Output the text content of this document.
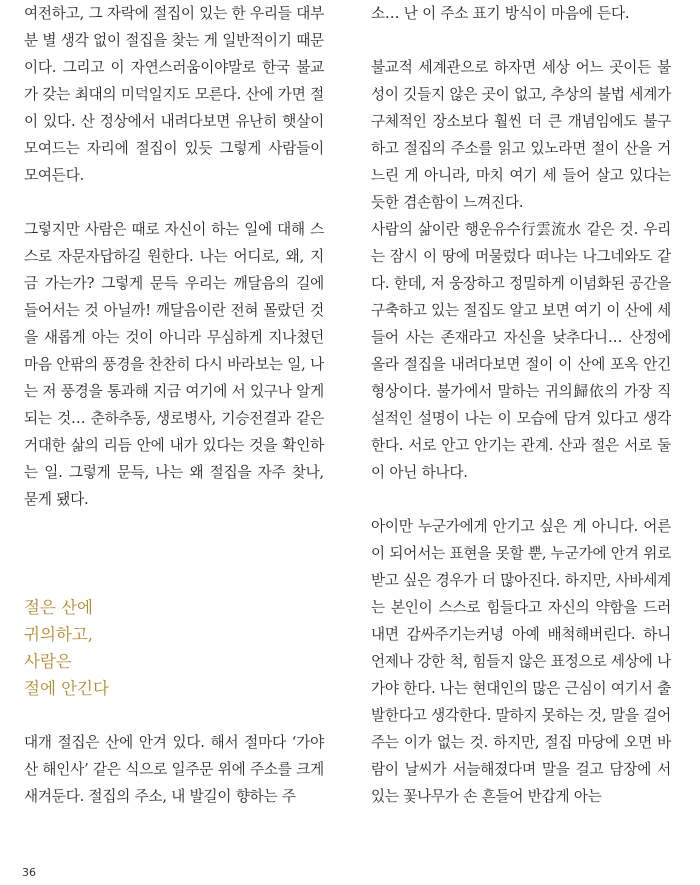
여전하고, 그 자락에 절집이 있는 한 우리들 대부분 별 생각 없이 절집을 찾는 게 일반적이기 때문이다. 그리고 이 자연스러움이야말로 한국 불교가 갖는 최대의 미덕일지도 모른다. 산에 가면 절이 있다. 산 정상에서 내려다보면 유난히 햇살이 모여드는 자리에 절집이 있듯 그렇게 사람들이 모여든다.

그렇지만 사람은 때로 자신이 하는 일에 대해 스스로 자문자답하길 원한다. 나는 어디로, 왜, 지금 가는가? 그렇게 문득 우리는 깨달음의 길에 들어서는 것 아닐까! 깨달음이란 전혀 몰랐던 것을 새롭게 아는 것이 아니라 무심하게 지나쳤던 마음 안팎의 풍경을 찬찬히 다시 바라보는 일, 나는 저 풍경을 통과해 지금 여기에 서 있구나 알게 되는 것… 춘하추동, 생로병사, 기승전결과 같은 거대한 삶의 리듬 안에 내가 있다는 것을 확인하는 일. 그렇게 문득, 나는 왜 절집을 자주 찾나, 묻게 됐다.

절은 산에

귀의하고,

사람은

절에 안긴다

대개 절집은 산에 안겨 있다. 해서 절마다 ‘가야산 해인사’ 같은 식으로 일주문 위에 주소를 크게 새겨둔다. 절집의 주소, 내 발길이 향하는 주

소… 난 이 주소 표기 방식이 마음에 든다.

불교적 세계관으로 하자면 세상 어느 곳이든 불성이 깃들지 않은 곳이 없고, 추상의 불법 세계가 구체적인 장소보다 훨씬 더 큰 개념임에도 불구하고 절집의 주소를 읽고 있노라면 절이 산을 거느린 게 아니라, 마치 여기 세 들어 살고 있다는 듯한 겸손함이 느껴진다.

사람의 삶이란 행운유수行雲流水 같은 것. 우리는 잠시 이 땅에 머물렀다 떠나는 나그네와도 같다. 한데, 저 웅장하고 정밀하게 이념화된 공간을 구축하고 있는 절집도 알고 보면 여기 이 산에 세 들어 사는 존재라고 자신을 낮추다니… 산정에 올라 절집을 내려다보면 절이 이 산에 포옥 안긴 형상이다. 불가에서 말하는 귀의歸依의 가장 직설적인 설명이 나는 이 모습에 담겨 있다고 생각한다. 서로 안고 안기는 관계. 산과 절은 서로 둘이 아닌 하나다.

아이만 누군가에게 안기고 싶은 게 아니다. 어른이 되어서는 표현을 못할 뿐, 누군가에 안겨 위로받고 싶은 경우가 더 많아진다. 하지만, 사바세계는 본인이 스스로 힘들다고 자신의 약함을 드러내면 감싸주기는커녕 아예 배척해버린다. 하니 언제나 강한 척, 힘들지 않은 표정으로 세상에 나가야 한다. 나는 현대인의 많은 근심이 여기서 출발한다고 생각한다. 말하지 못하는 것, 말을 걸어주는 이가 없는 것. 하지만, 절집 마당에 오면 바람이 날씨가 서늘해졌다며 말을 걸고 담장에 서 있는 꽃나무가 손 흔들어 반갑게 아는

36
